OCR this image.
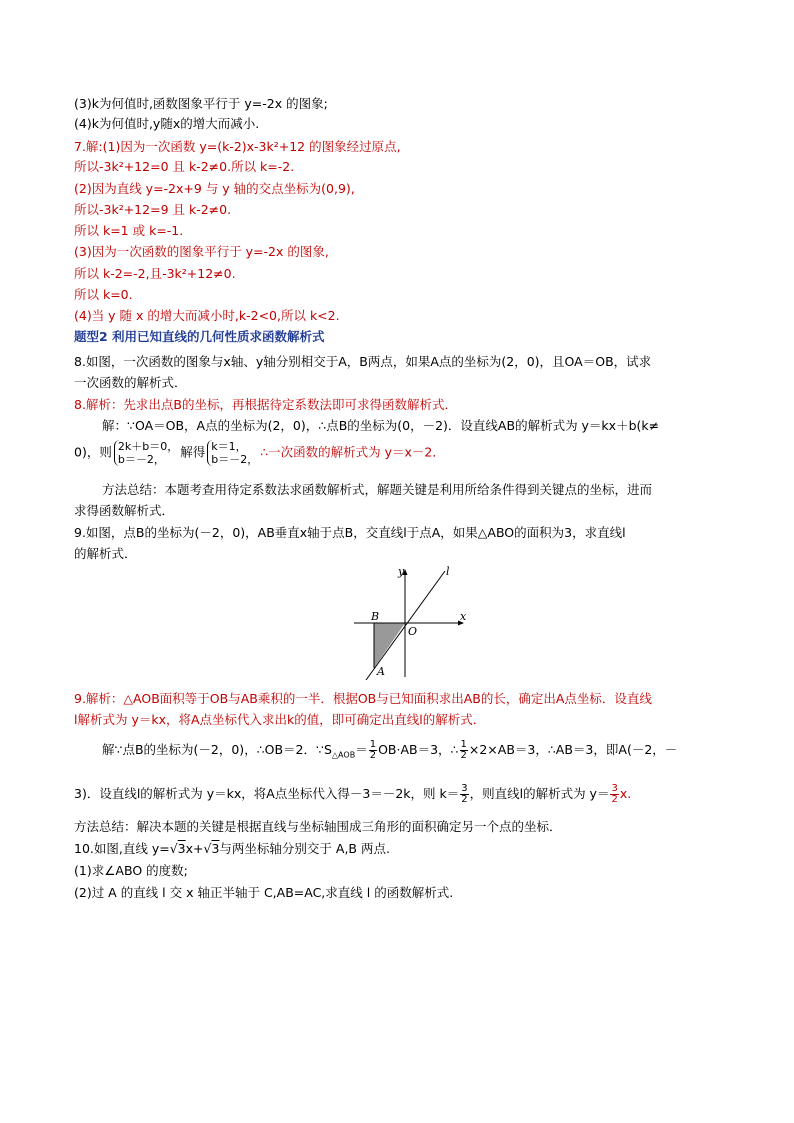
(3)k为何值时,函数图象平行于 y=-2x 的图象;
(4)k为何值时,y随x的增大而减小.
7.解:(1)因为一次函数 y=(k-2)x-3k²+12 的图象经过原点,
所以-3k²+12=0 且 k-2≠0.所以 k=-2.
(2)因为直线 y=-2x+9 与 y 轴的交点坐标为(0,9),
所以-3k²+12=9 且 k-2≠0.
所以 k=1 或 k=-1.
(3)因为一次函数的图象平行于 y=-2x 的图象,
所以 k-2=-2,且-3k²+12≠0.
所以 k=0.
(4)当 y 随 x 的增大而减小时,k-2<0,所以 k<2.
题型2 利用已知直线的几何性质求函数解析式
8.如图，一次函数的图象与x轴、y轴分别相交于A，B两点，如果A点的坐标为(2，0)，且OA＝OB，试求
一次函数的解析式．
8.解析：先求出点B的坐标，再根据待定系数法即可求得函数解析式．
解：∵OA＝OB，A点的坐标为(2，0)，∴点B的坐标为(0，－2)．设直线AB的解析式为 y＝kx＋b(k≠
0)，则 2k＋b＝0，
b＝－2，	解得 k＝1，
b＝－2， ∴一次函数的解析式为 y＝x－2．
方法总结：本题考查用待定系数法求函数解析式，解题关键是利用所给条件得到关键点的坐标，进而
求得函数解析式．
9.如图，点B的坐标为(－2，0)，AB垂直x轴于点B，交直线l于点A，如果△ABO的面积为3，求直线l
的解析式．
y	l
x
B
O
A
9.解析：△AOB面积等于OB与AB乘积的一半．根据OB与已知面积求出AB的长，确定出A点坐标．设直线
l解析式为 y＝kx，将A点坐标代入求出k的值，即可确定出直线l的解析式．
解∵点B的坐标为(－2，0)，∴OB＝2．$\because S_{\triangle AOB}= \frac{1}{2} OB\cdot AB=3$，∴ $\frac{1}{2} \times 2\times AB=3$，∴AB＝3，即A(－2，－
3)．设直线l的解析式为 y＝kx，将A点坐标代入得－3＝－2k，则 $k= \frac{3}{2}$ ，则直线l的解析式为 $y= \frac{3}{2} x$.
方法总结：解决本题的关键是根据直线与坐标轴围成三角形的面积确定另一个点的坐标．
10.如图,直线 y=√3x+√3与两坐标轴分别交于 A,B 两点.
(1)求∠ABO 的度数;
(2)过 A 的直线 l 交 x 轴正半轴于 C,AB=AC,求直线 l 的函数解析式.
